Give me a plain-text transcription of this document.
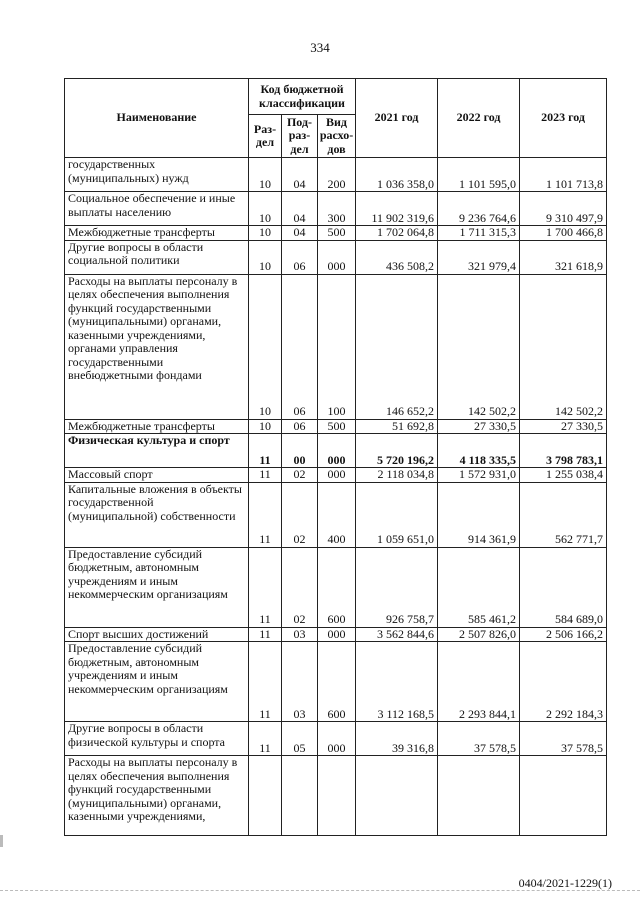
334
Наименование	Код бюджетной классификации			2021 год	2022 год	2023 год
	Раз-дел	Под-раз-дел	Вид расхо-дов			
государственных (муниципальных) нужд	10	04	200	1 036 358,0	1 101 595,0	1 101 713,8
Социальное обеспечение и иные выплаты населению	10	04	300	11 902 319,6	9 236 764,6	9 310 497,9
Межбюджетные трансферты	10	04	500	1 702 064,8	1 711 315,3	1 700 466,8
Другие вопросы в области социальной политики	10	06	000	436 508,2	321 979,4	321 618,9
Расходы на выплаты персоналу в целях обеспечения выполнения функций государственными (муниципальными) органами, казенными учреждениями, органами управления государственными внебюджетными фондами	10	06	100	146 652,2	142 502,2	142 502,2
Межбюджетные трансферты	10	06	500	51 692,8	27 330,5	27 330,5
Физическая культура и спорт	11	00	000	5 720 196,2	4 118 335,5	3 798 783,1
Массовый спорт	11	02	000	2 118 034,8	1 572 931,0	1 255 038,4
Капитальные вложения в объекты государственной (муниципальной) собственности	11	02	400	1 059 651,0	914 361,9	562 771,7
Предоставление субсидий бюджетным, автономным учреждениям и иным некоммерческим организациям	11	02	600	926 758,7	585 461,2	584 689,0
Спорт высших достижений	11	03	000	3 562 844,6	2 507 826,0	2 506 166,2
Предоставление субсидий бюджетным, автономным учреждениям и иным некоммерческим организациям	11	03	600	3 112 168,5	2 293 844,1	2 292 184,3
Другие вопросы в области физической культуры и спорта	11	05	000	39 316,8	37 578,5	37 578,5
Расходы на выплаты персоналу в целях обеспечения выполнения функций государственными (муниципальными) органами, казенными учреждениями,						
0404/2021-1229(1)
